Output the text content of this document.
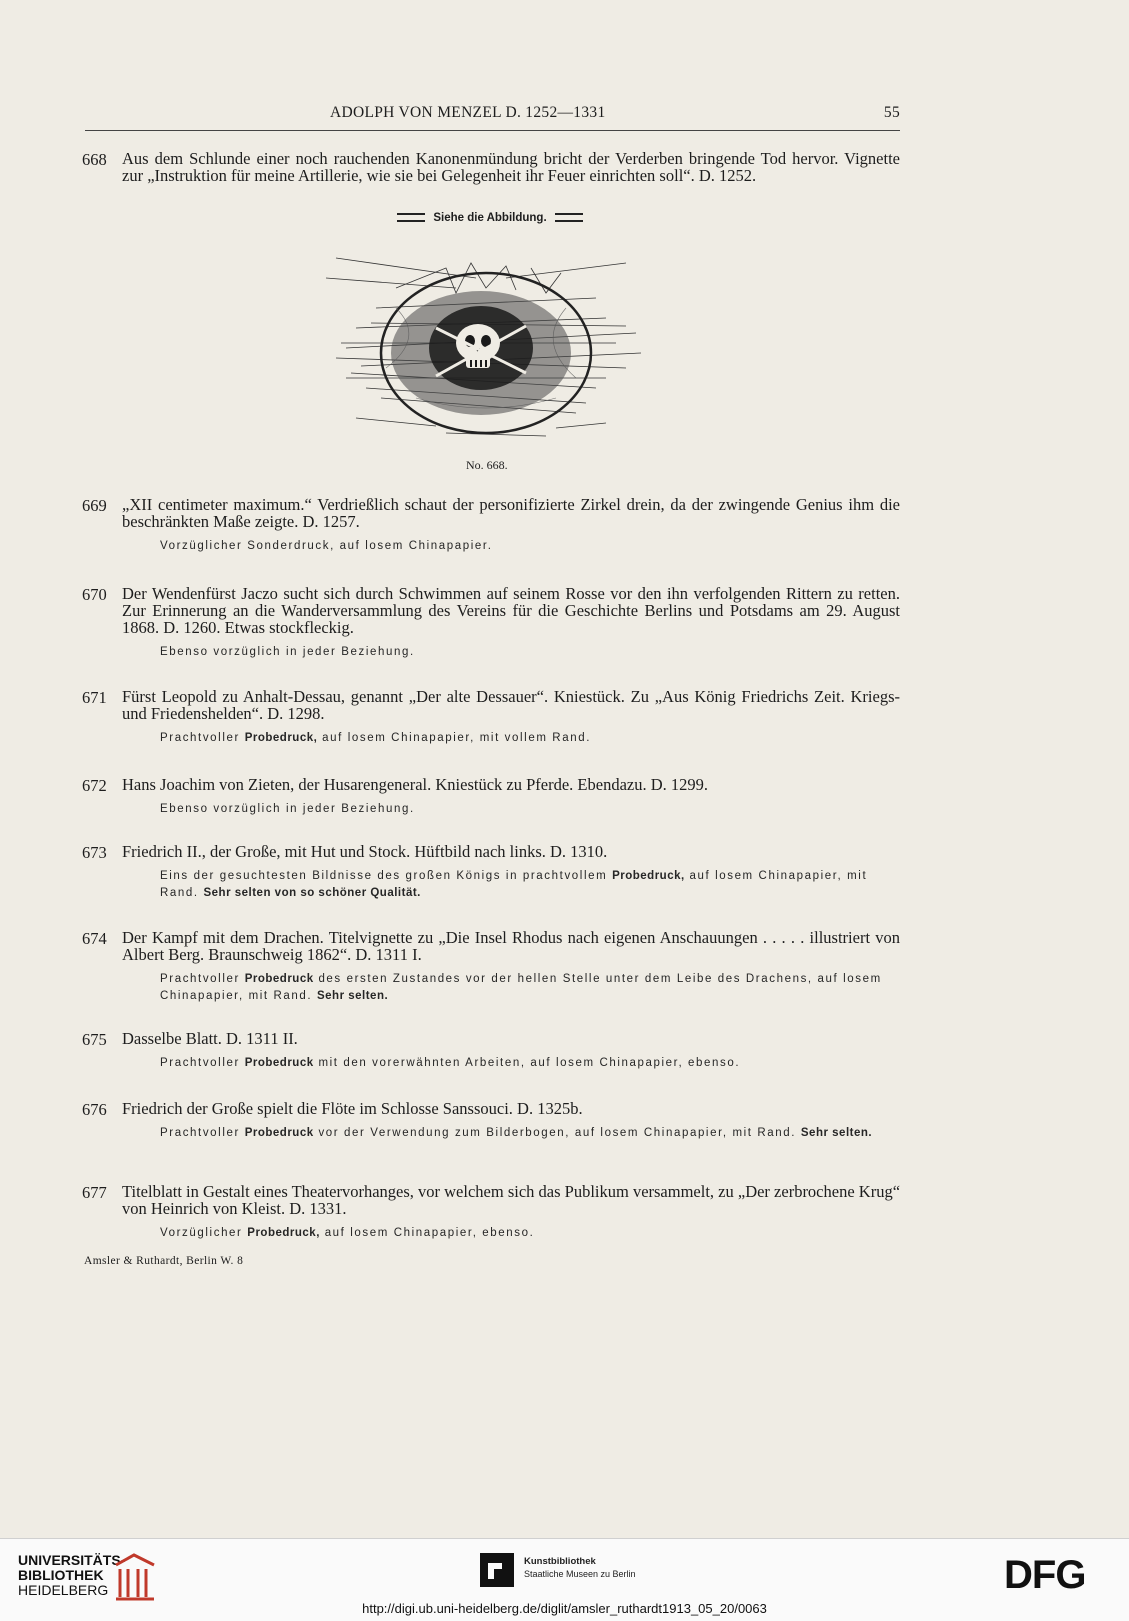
ADOLPH VON MENZEL D. 1252—1331	55
668 Aus dem Schlunde einer noch rauchenden Kanonenmündung bricht der Verderben bringende Tod hervor. Vignette zur „Instruktion für meine Artillerie, wie sie bei Gelegenheit ihr Feuer einrichten soll“. D. 1252.
Siehe die Abbildung.
No. 668.
669 „XII centimeter maximum.“ Verdrießlich schaut der personifizierte Zirkel drein, da der zwingende Genius ihm die beschränkten Maße zeigte. D. 1257.
Vorzüglicher Sonderdruck, auf losem Chinapapier.
670 Der Wendenfürst Jaczo sucht sich durch Schwimmen auf seinem Rosse vor den ihn verfolgenden Rittern zu retten. Zur Erinnerung an die Wanderversammlung des Vereins für die Geschichte Berlins und Potsdams am 29. August 1868. D. 1260. Etwas stockfleckig.
Ebenso vorzüglich in jeder Beziehung.
671 Fürst Leopold zu Anhalt-Dessau, genannt „Der alte Dessauer“. Kniestück. Zu „Aus König Friedrichs Zeit. Kriegs- und Friedenshelden“. D. 1298.
Prachtvoller Probedruck, auf losem Chinapapier, mit vollem Rand.
672 Hans Joachim von Zieten, der Husarengeneral. Kniestück zu Pferde. Ebendazu. D. 1299.
Ebenso vorzüglich in jeder Beziehung.
673 Friedrich II., der Große, mit Hut und Stock. Hüftbild nach links. D. 1310.
Eins der gesuchtesten Bildnisse des großen Königs in prachtvollem Probedruck, auf losem Chinapapier, mit Rand. Sehr selten von so schöner Qualität.
674 Der Kampf mit dem Drachen. Titelvignette zu „Die Insel Rhodus nach eigenen Anschauungen . . . . . illustriert von Albert Berg. Braunschweig 1862“. D. 1311 I.
Prachtvoller Probedruck des ersten Zustandes vor der hellen Stelle unter dem Leibe des Drachens, auf losem Chinapapier, mit Rand. Sehr selten.
675 Dasselbe Blatt. D. 1311 II.
Prachtvoller Probedruck mit den vorerwähnten Arbeiten, auf losem Chinapapier, ebenso.
676 Friedrich der Große spielt die Flöte im Schlosse Sanssouci. D. 1325b.
Prachtvoller Probedruck vor der Verwendung zum Bilderbogen, auf losem Chinapapier, mit Rand. Sehr selten.
677 Titelblatt in Gestalt eines Theatervorhanges, vor welchem sich das Publikum versammelt, zu „Der zerbrochene Krug“ von Heinrich von Kleist. D. 1331.
Vorzüglicher Probedruck, auf losem Chinapapier, ebenso.
Amsler & Ruthardt, Berlin W. 8
UNIVERSITÄTS-
BIBLIOTHEK
HEIDELBERG
Kunstbibliothek
Staatliche Museen zu Berlin	DFG
http://digi.ub.uni-heidelberg.de/diglit/amsler_ruthardt1913_05_20/0063
